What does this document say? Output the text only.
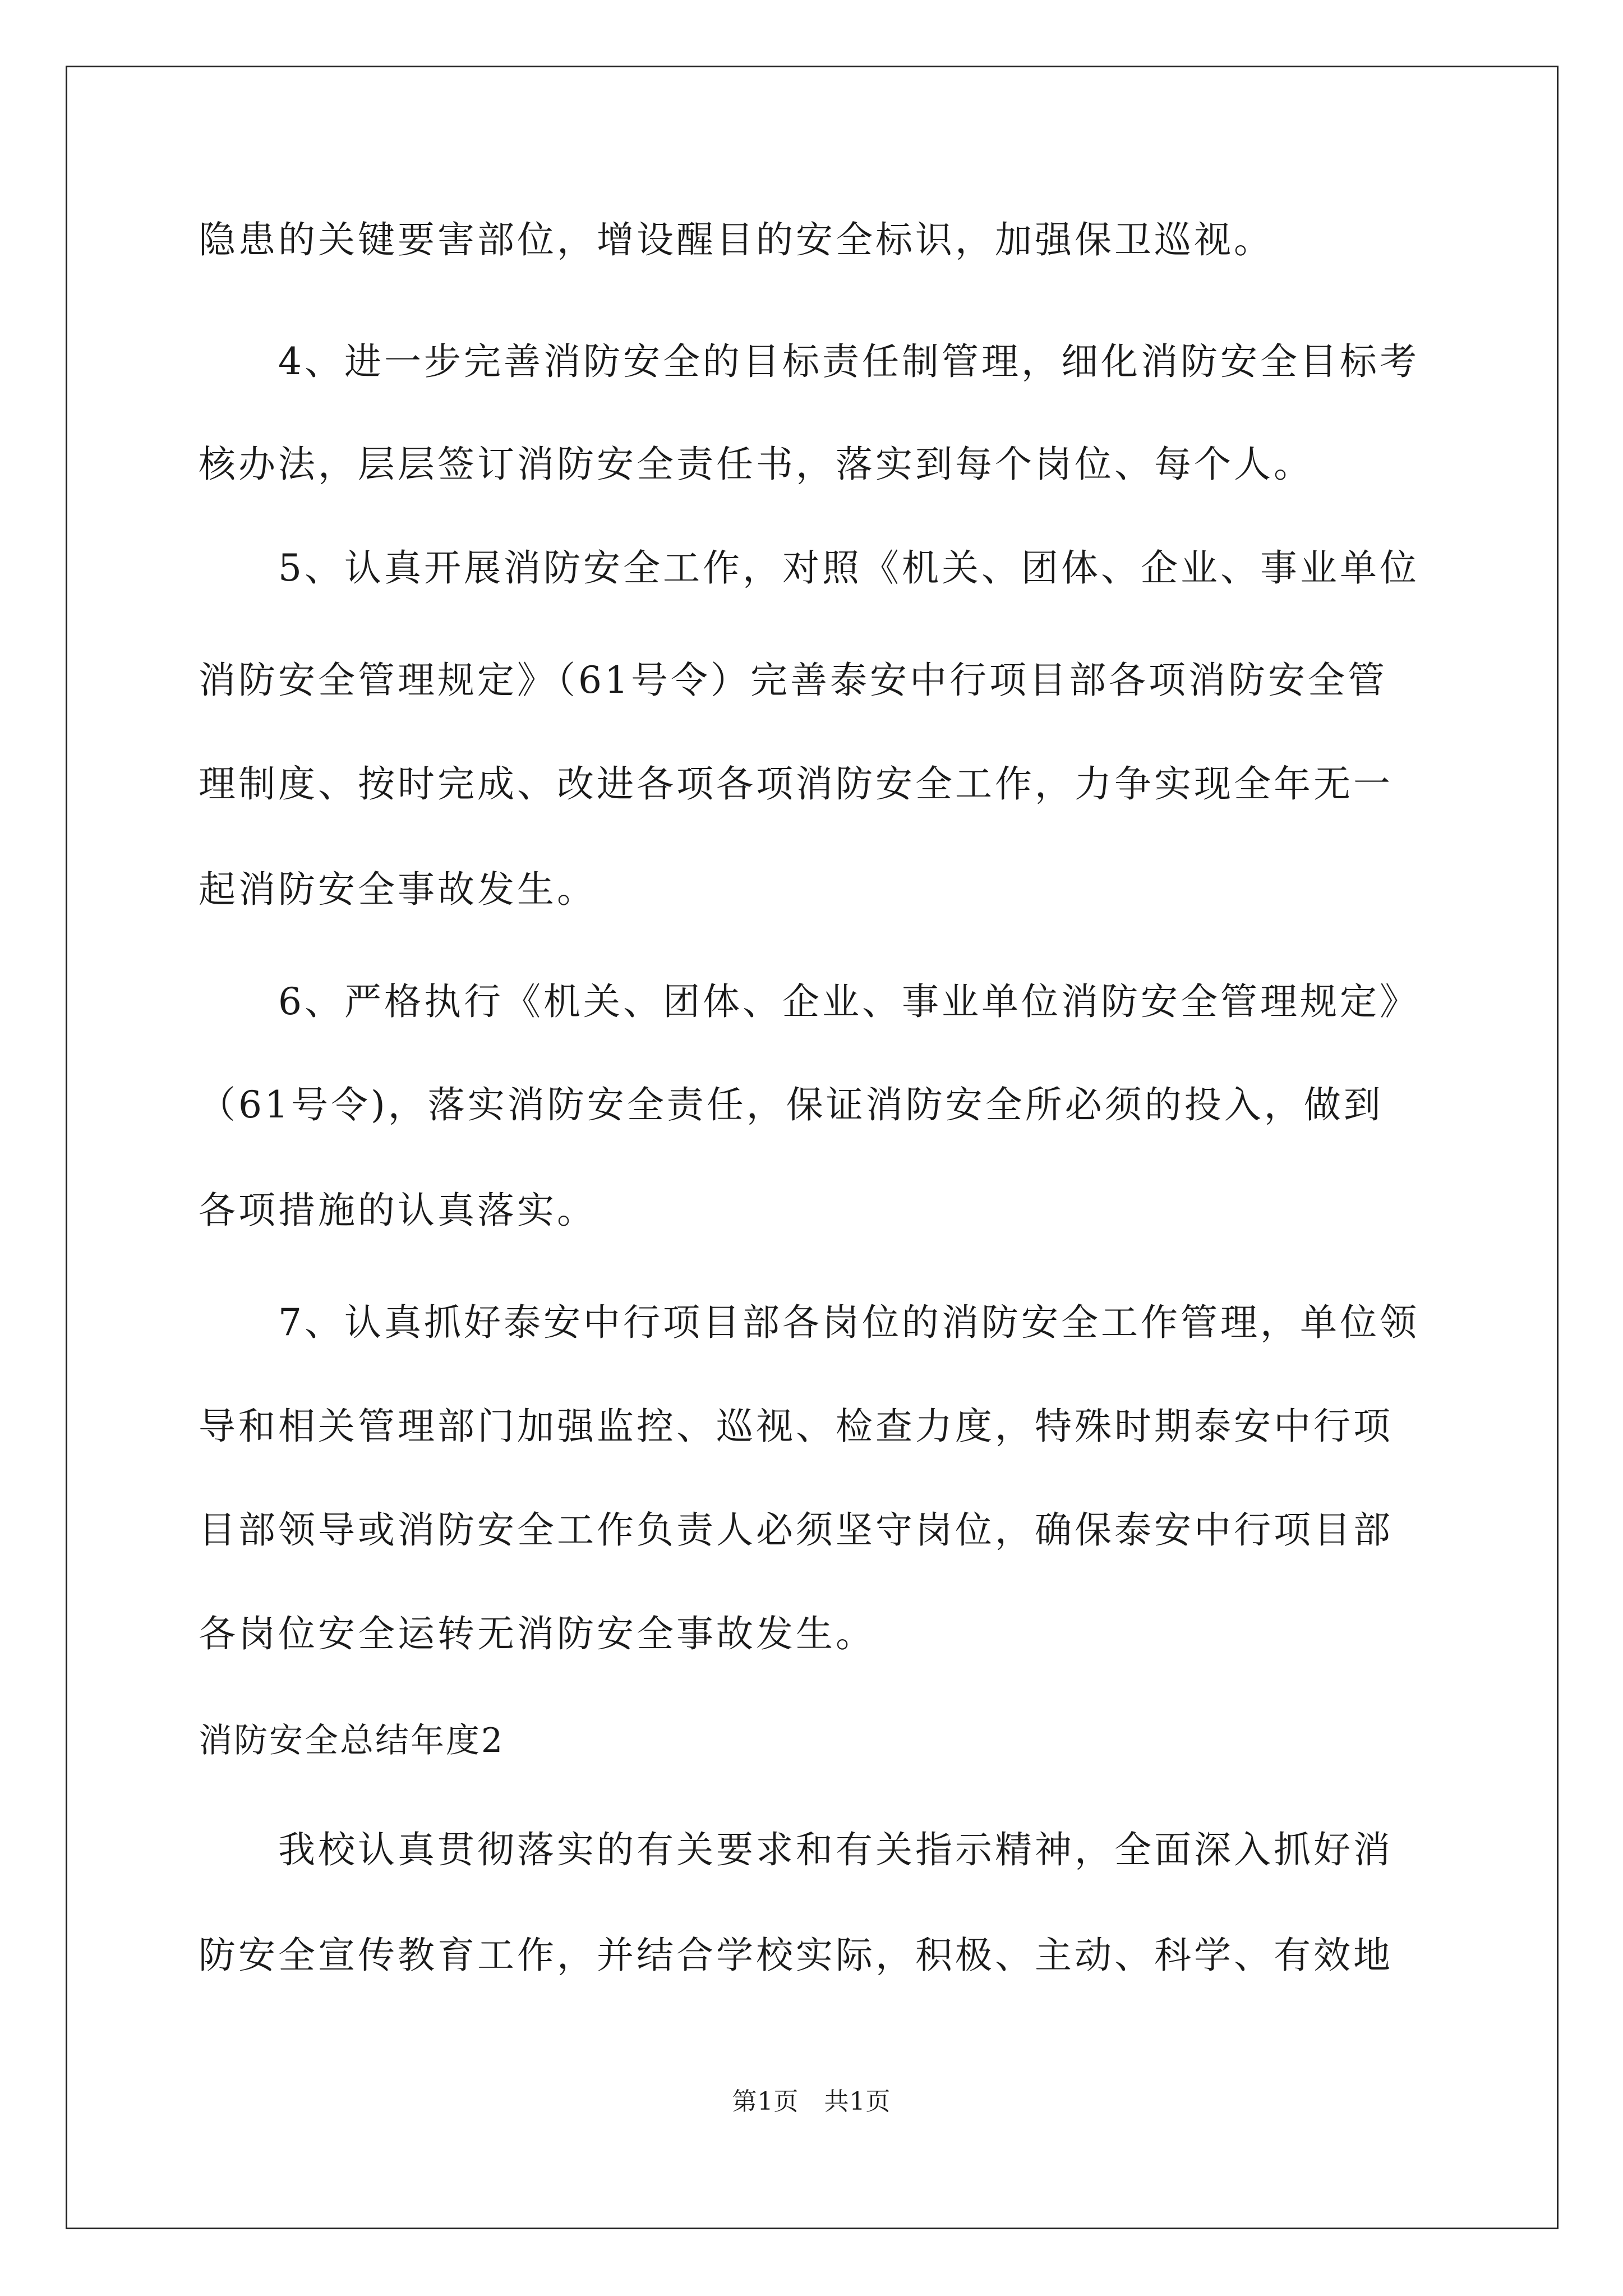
隐患的关键要害部位，增设醒目的安全标识，加强保卫巡视。
　　4、进一步完善消防安全的目标责任制管理，细化消防安全目标考
核办法，层层签订消防安全责任书，落实到每个岗位、每个人。
　　5、认真开展消防安全工作，对照《机关、团体、企业、事业单位
消防安全管理规定》（61号令）完善泰安中行项目部各项消防安全管
理制度、按时完成、改进各项各项消防安全工作，力争实现全年无一
起消防安全事故发生。
　　6、严格执行《机关、团体、企业、事业单位消防安全管理规定》
（61号令)，落实消防安全责任，保证消防安全所必须的投入，做到
各项措施的认真落实。
　　7、认真抓好泰安中行项目部各岗位的消防安全工作管理，单位领
导和相关管理部门加强监控、巡视、检查力度，特殊时期泰安中行项
目部领导或消防安全工作负责人必须坚守岗位，确保泰安中行项目部
各岗位安全运转无消防安全事故发生。
消防安全总结年度2
　　我校认真贯彻落实的有关要求和有关指示精神，全面深入抓好消
防安全宣传教育工作，并结合学校实际，积极、主动、科学、有效地
第1页　共1页
